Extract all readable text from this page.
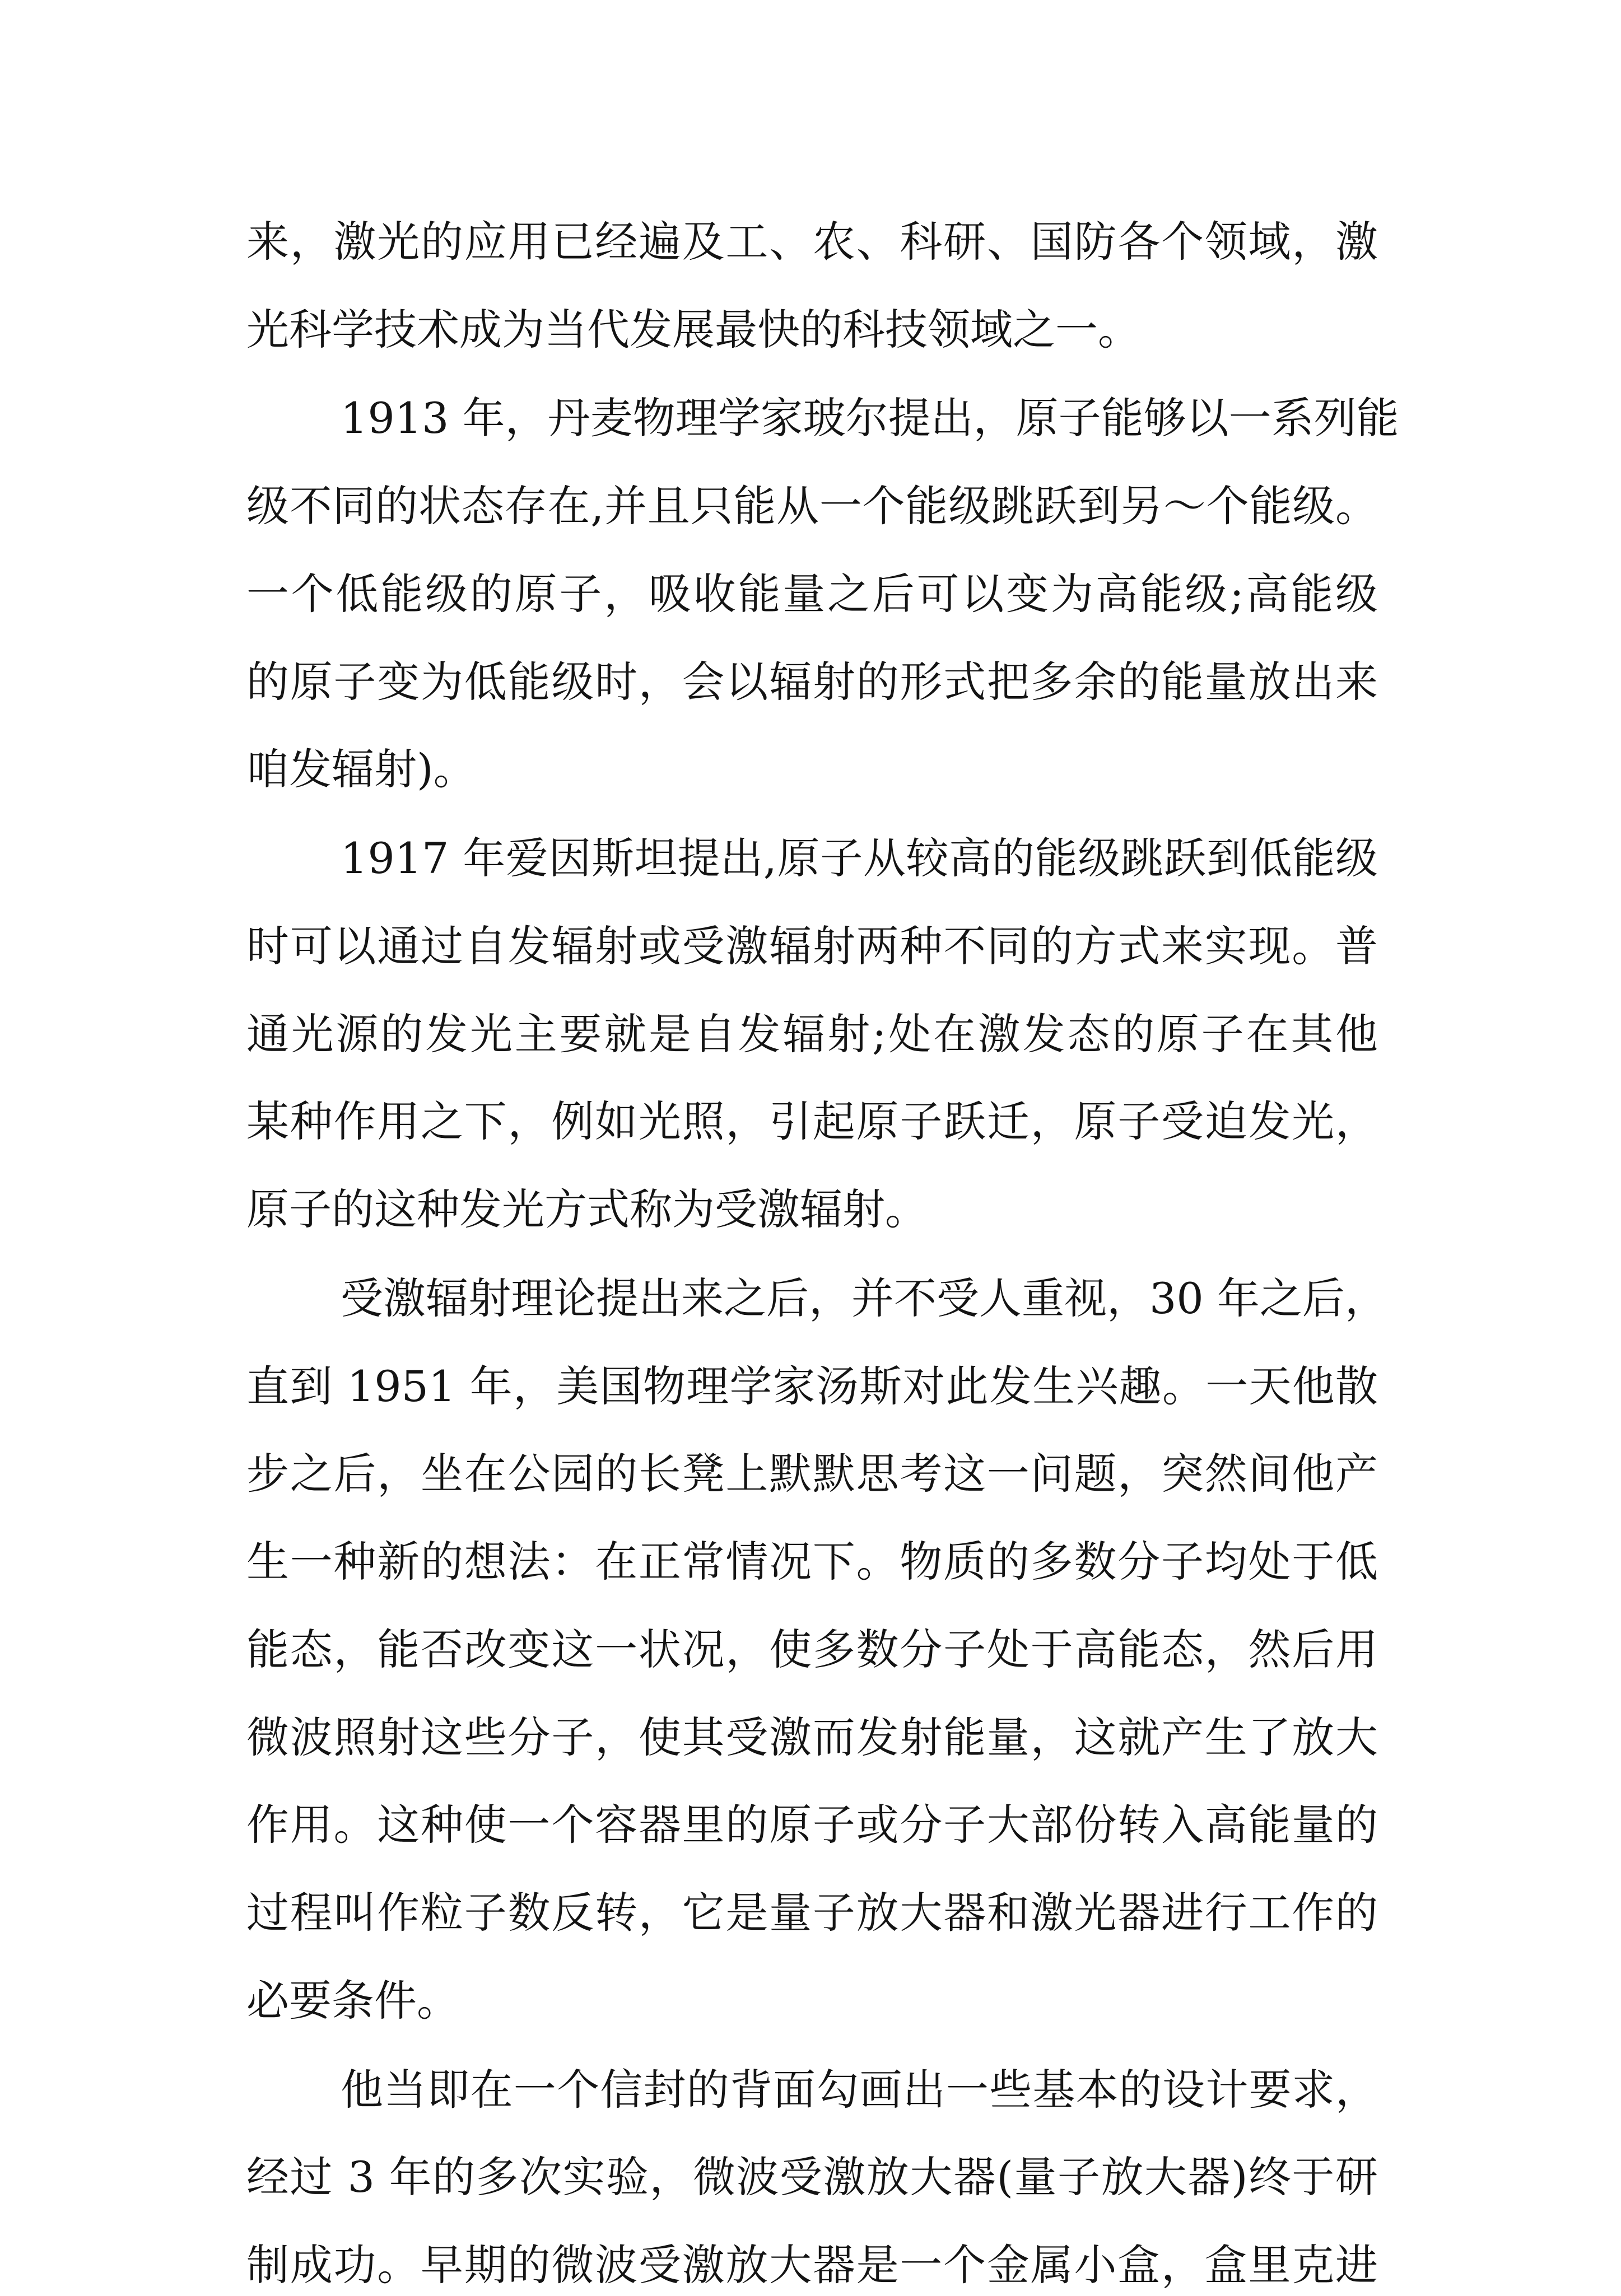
来，激光的应用已经遍及工、农、科研、国防各个领域，激
光科学技术成为当代发展最快的科技领域之一。
1913 年，丹麦物理学家玻尔提出，原子能够以一系列能
级不同的状态存在,并且只能从一个能级跳跃到另～个能级。
一个低能级的原子，吸收能量之后可以变为高能级;高能级
的原子变为低能级时，会以辐射的形式把多余的能量放出来
咱发辐射)。
1917 年爱因斯坦提出,原子从较高的能级跳跃到低能级
时可以通过自发辐射或受激辐射两种不同的方式来实现。普
通光源的发光主要就是自发辐射;处在激发态的原子在其他
某种作用之下，例如光照，引起原子跃迁，原子受迫发光，
原子的这种发光方式称为受激辐射。
受激辐射理论提出来之后，并不受人重视，30 年之后，
直到 1951 年，美国物理学家汤斯对此发生兴趣。一天他散
步之后，坐在公园的长凳上默默思考这一问题，突然间他产
生一种新的想法：在正常情况下。物质的多数分子均处于低
能态，能否改变这一状况，使多数分子处于高能态，然后用
微波照射这些分子，使其受激而发射能量，这就产生了放大
作用。这种使一个容器里的原子或分子大部份转入高能量的
过程叫作粒子数反转，它是量子放大器和激光器进行工作的
必要条件。
他当即在一个信封的背面勾画出一些基本的设计要求，
经过 3 年的多次实验，微波受激放大器(量子放大器)终于研
制成功。早期的微波受激放大器是一个金属小盒，盒里克进
